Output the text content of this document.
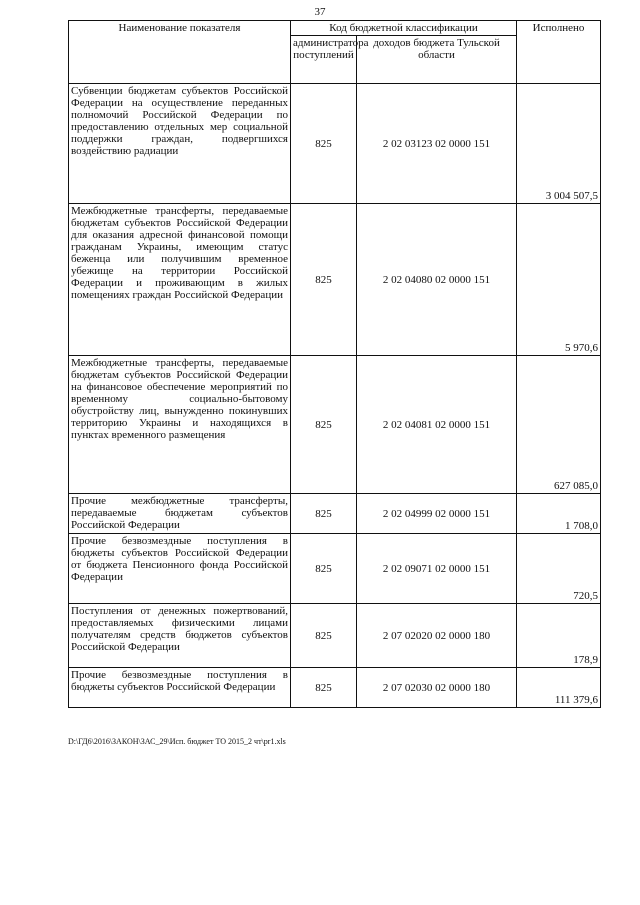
37
Наименование показателя	Код бюджетной классификации		Исполнено
	администратора поступлений	доходов бюджета Тульской области	
Субвенции бюджетам субъектов Российской Федерации на осуществление переданных полномочий Российской Федерации по предоставлению отдельных мер социальной поддержки граждан, подвергшихся воздействию радиации	825	2 02 03123 02 0000 151	3 004 507,5
Межбюджетные трансферты, передаваемые бюджетам субъектов Российской Федерации для оказания адресной финансовой помощи гражданам Украины, имеющим статус беженца или получившим временное убежище на территории Российской Федерации и проживающим в жилых помещениях граждан Российской Федерации	825	2 02 04080 02 0000 151	5 970,6
Межбюджетные трансферты, передаваемые бюджетам субъектов Российской Федерации на финансовое обеспечение мероприятий по временному социально-бытовому обустройству лиц, вынужденно покинувших территорию Украины и находящихся в пунктах временного размещения	825	2 02 04081 02 0000 151	627 085,0
Прочие межбюджетные трансферты, передаваемые бюджетам субъектов Российской Федерации	825	2 02 04999 02 0000 151	1 708,0
Прочие безвозмездные поступления в бюджеты субъектов Российской Федерации от бюджета Пенсионного фонда Российской Федерации	825	2 02 09071 02 0000 151	720,5
Поступления от денежных пожертвований, предоставляемых физическими лицами получателям средств бюджетов субъектов Российской Федерации	825	2 07 02020 02 0000 180	178,9
Прочие безвозмездные поступления в бюджеты субъектов Российской Федерации	825	2 07 02030 02 0000 180	111 379,6
D:\ГД6\2016\ЗАКОН\ЗАС_29\Исп. бюджет ТО 2015_2 чт\pr1.xls
